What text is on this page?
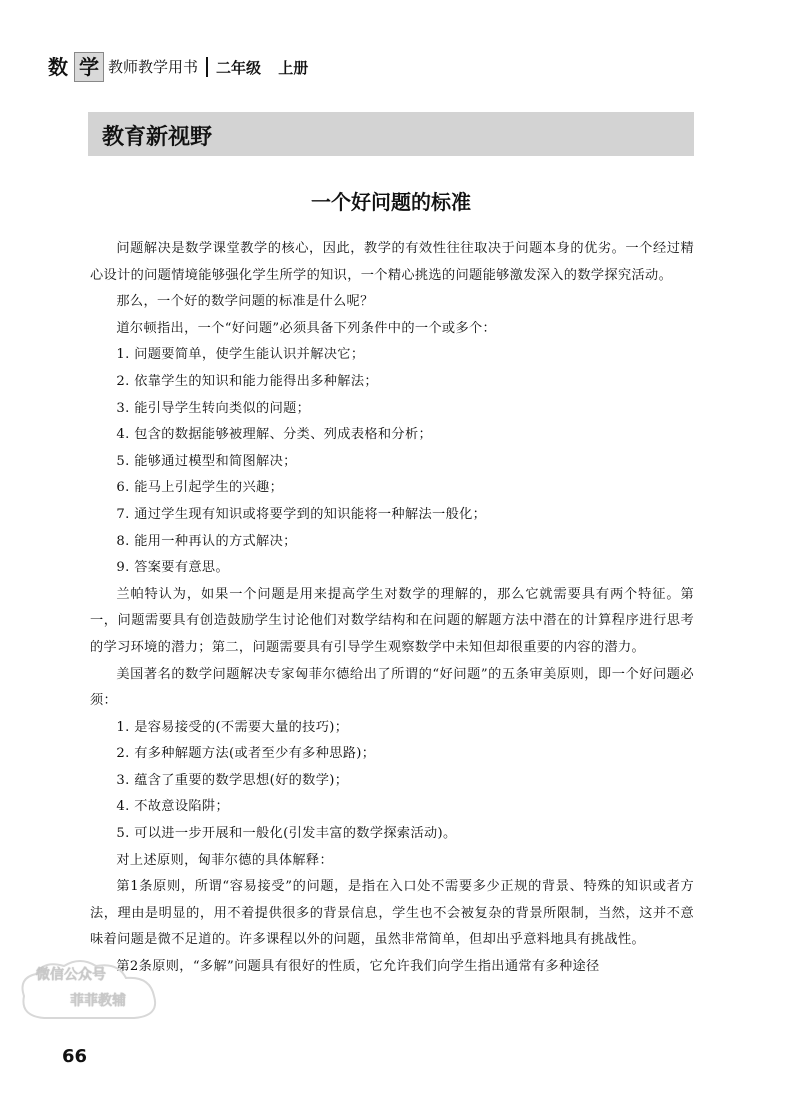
数 学 教师教学用书	二年级 上册
教育新视野
一个好问题的标准

问题解决是数学课堂教学的核心，因此，教学的有效性往往取决于问题本身的优劣。一个经过精心设计的问题情境能够强化学生所学的知识，一个精心挑选的问题能够激发深入的数学探究活动。

那么，一个好的数学问题的标准是什么呢？

道尔顿指出，一个“好问题”必须具备下列条件中的一个或多个：

1. 问题要简单，使学生能认识并解决它；

2. 依靠学生的知识和能力能得出多种解法；

3. 能引导学生转向类似的问题；

4. 包含的数据能够被理解、分类、列成表格和分析；

5. 能够通过模型和简图解决；

6. 能马上引起学生的兴趣；

7. 通过学生现有知识或将要学到的知识能将一种解法一般化；

8. 能用一种再认的方式解决；

9. 答案要有意思。

兰帕特认为，如果一个问题是用来提高学生对数学的理解的，那么它就需要具有两个特征。第一，问题需要具有创造鼓励学生讨论他们对数学结构和在问题的解题方法中潜在的计算程序进行思考的学习环境的潜力；第二，问题需要具有引导学生观察数学中未知但却很重要的内容的潜力。

美国著名的数学问题解决专家匈菲尔德给出了所谓的“好问题”的五条审美原则，即一个好问题必须：

1. 是容易接受的(不需要大量的技巧)；

2. 有多种解题方法(或者至少有多种思路)；

3. 蕴含了重要的数学思想(好的数学)；

4. 不故意设陷阱；

5. 可以进一步开展和一般化(引发丰富的数学探索活动)。

对上述原则，匈菲尔德的具体解释：

第1条原则，所谓“容易接受”的问题，是指在入口处不需要多少正规的背景、特殊的知识或者方法，理由是明显的，用不着提供很多的背景信息，学生也不会被复杂的背景所限制，当然，这并不意味着问题是微不足道的。许多课程以外的问题，虽然非常简单，但却出乎意料地具有挑战性。

第2条原则，“多解”问题具有很好的性质，它允许我们向学生指出通常有多种途径

微信公众号
菲菲教辅
66
